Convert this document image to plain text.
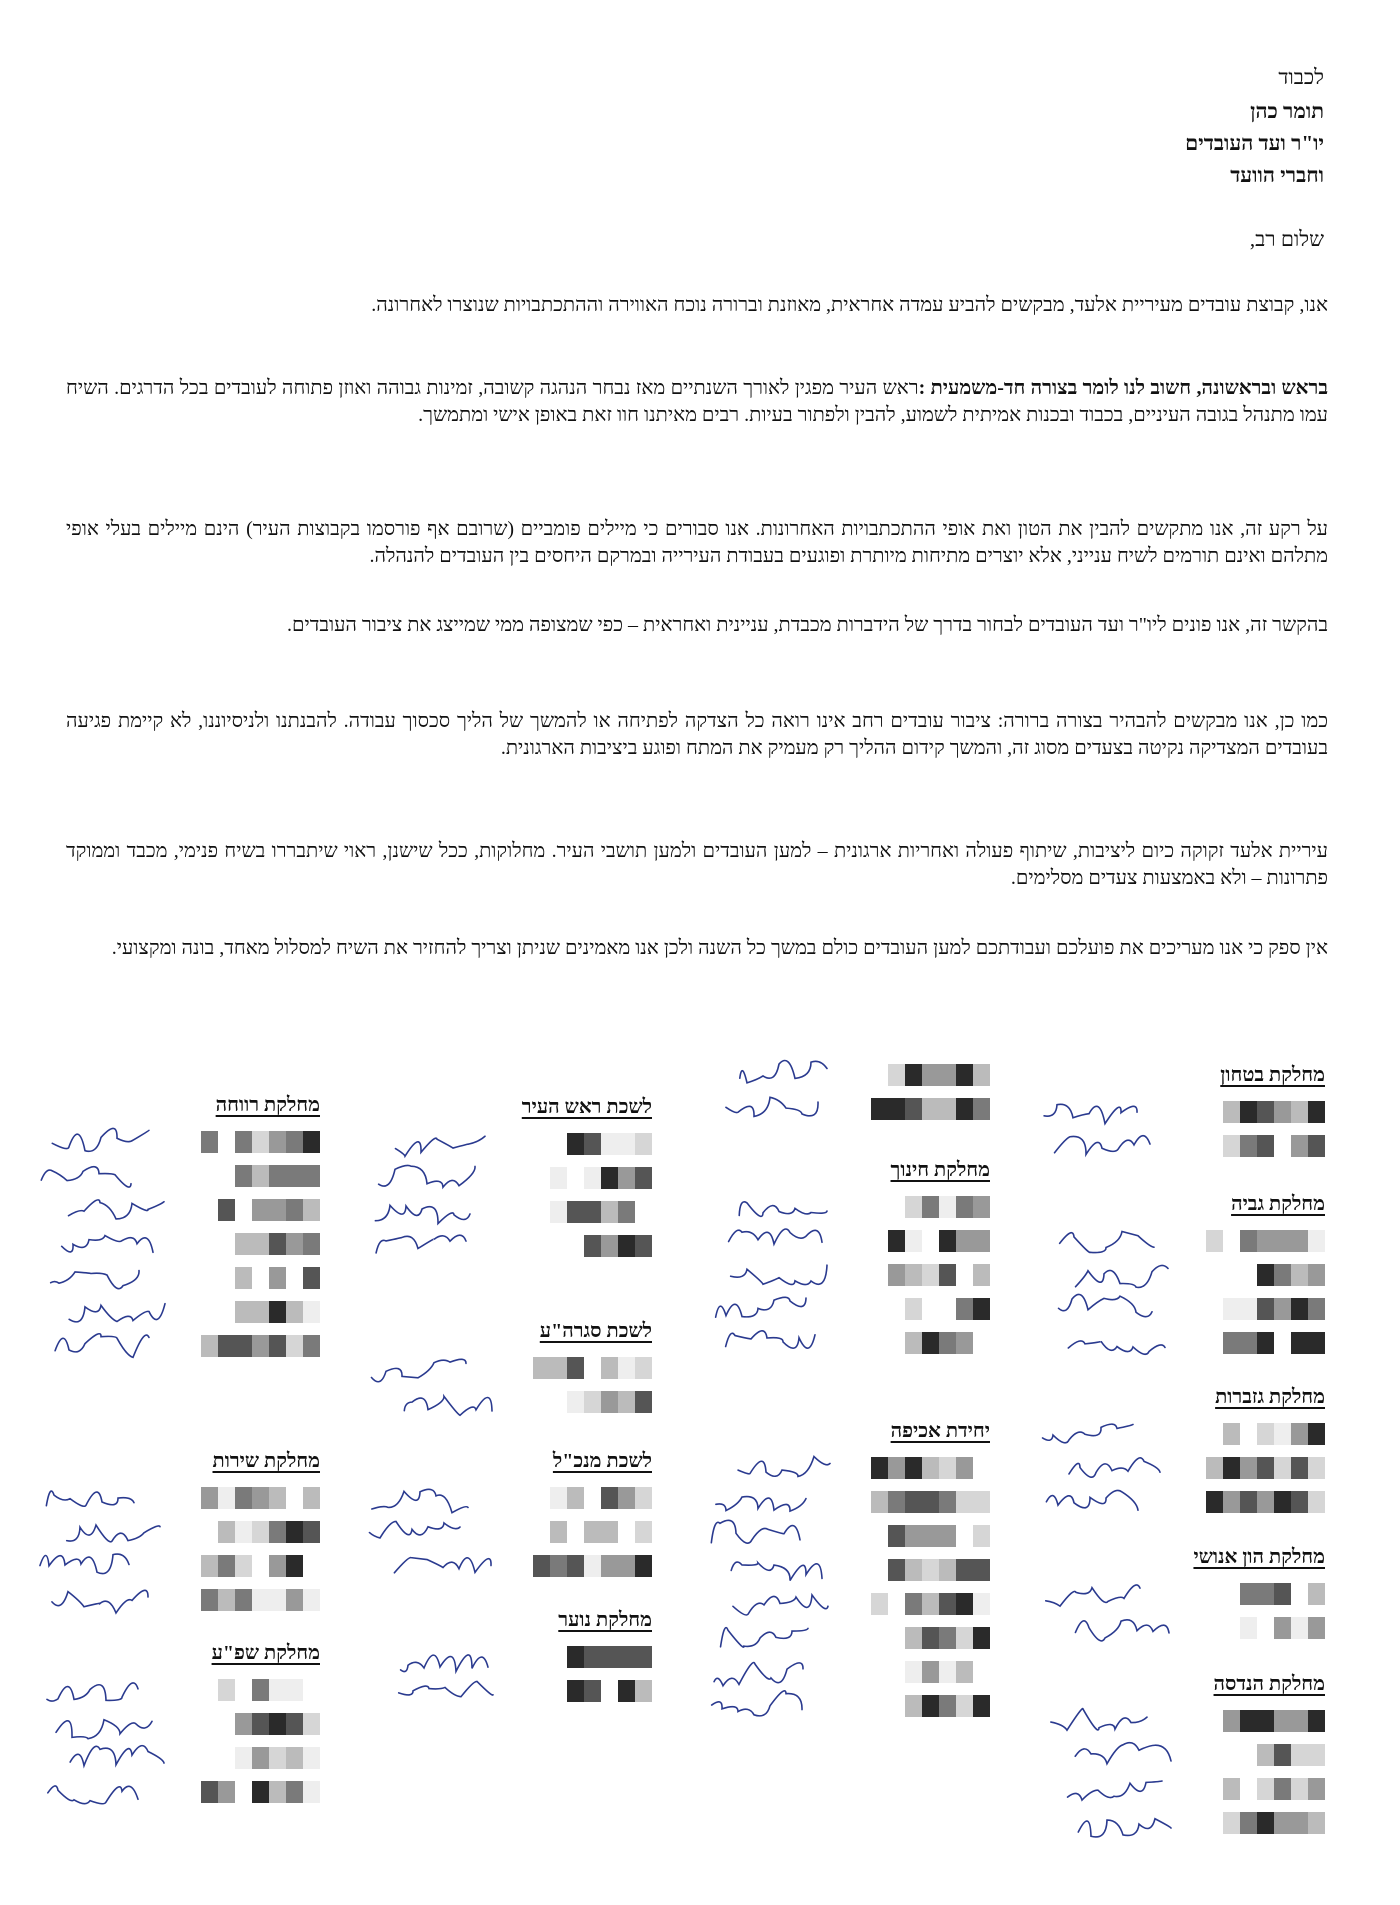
לכבוד
תומר כהן
יו"ר ועד העובדים
וחברי הוועד
שלום רב,
אנו, קבוצת עובדים מעיריית אלעד, מבקשים להביע עמדה אחראית, מאוזנת וברורה נוכח האווירה וההתכתבויות שנוצרו לאחרונה.
בראש ובראשונה, חשוב לנו לומר בצורה חד-משמעית :ראש העיר מפגין לאורך השנתיים מאז נבחר הנהגה קשובה, זמינות גבוהה ואוזן פתוחה לעובדים בכל הדרגים. השיח עמו מתנהל בגובה העיניים, בכבוד ובכנות אמיתית לשמוע, להבין ולפתור בעיות. רבים מאיתנו חוו זאת באופן אישי ומתמשך.
על רקע זה, אנו מתקשים להבין את הטון ואת אופי ההתכתבויות האחרונות. אנו סבורים כי מיילים פומביים (שרובם אף פורסמו בקבוצות העיר) הינם מיילים בעלי אופי מתלהם ואינם תורמים לשיח ענייני, אלא יוצרים מתיחות מיותרת ופוגעים בעבודת העירייה ובמרקם היחסים בין העובדים להנהלה.
בהקשר זה, אנו פונים ליו"ר ועד העובדים לבחור בדרך של הידברות מכבדת, עניינית ואחראית – כפי שמצופה ממי שמייצג את ציבור העובדים.
כמו כן, אנו מבקשים להבהיר בצורה ברורה: ציבור עובדים רחב אינו רואה כל הצדקה לפתיחה או להמשך של הליך סכסוך עבודה. להבנתנו ולניסיוננו, לא קיימת פגיעה בעובדים המצדיקה נקיטה בצעדים מסוג זה, והמשך קידום ההליך רק מעמיק את המתח ופוגע ביציבות הארגונית.
עיריית אלעד זקוקה כיום ליציבות, שיתוף פעולה ואחריות ארגונית – למען העובדים ולמען תושבי העיר. מחלוקות, ככל שישנן, ראוי שיתבררו בשיח פנימי, מכבד וממוקד פתרונות – ולא באמצעות צעדים מסלימים.
אין ספק כי אנו מעריכים את פועלכם ועבודתכם למען העובדים כולם במשך כל השנה ולכן אנו מאמינים שניתן וצריך להחזיר את השיח למסלול מאחד, בונה ומקצועי.
מחלקת בטחון
מחלקת גביה
מחלקת גזברות
מחלקת הון אנושי
מחלקת הנדסה
מחלקת חינוך
יחידת אכיפה
לשכת ראש העיר
לשכת סגרה"ע
לשכת מנכ"ל
מחלקת נוער
מחלקת רווחה
מחלקת שירות
מחלקת שפ"ע
